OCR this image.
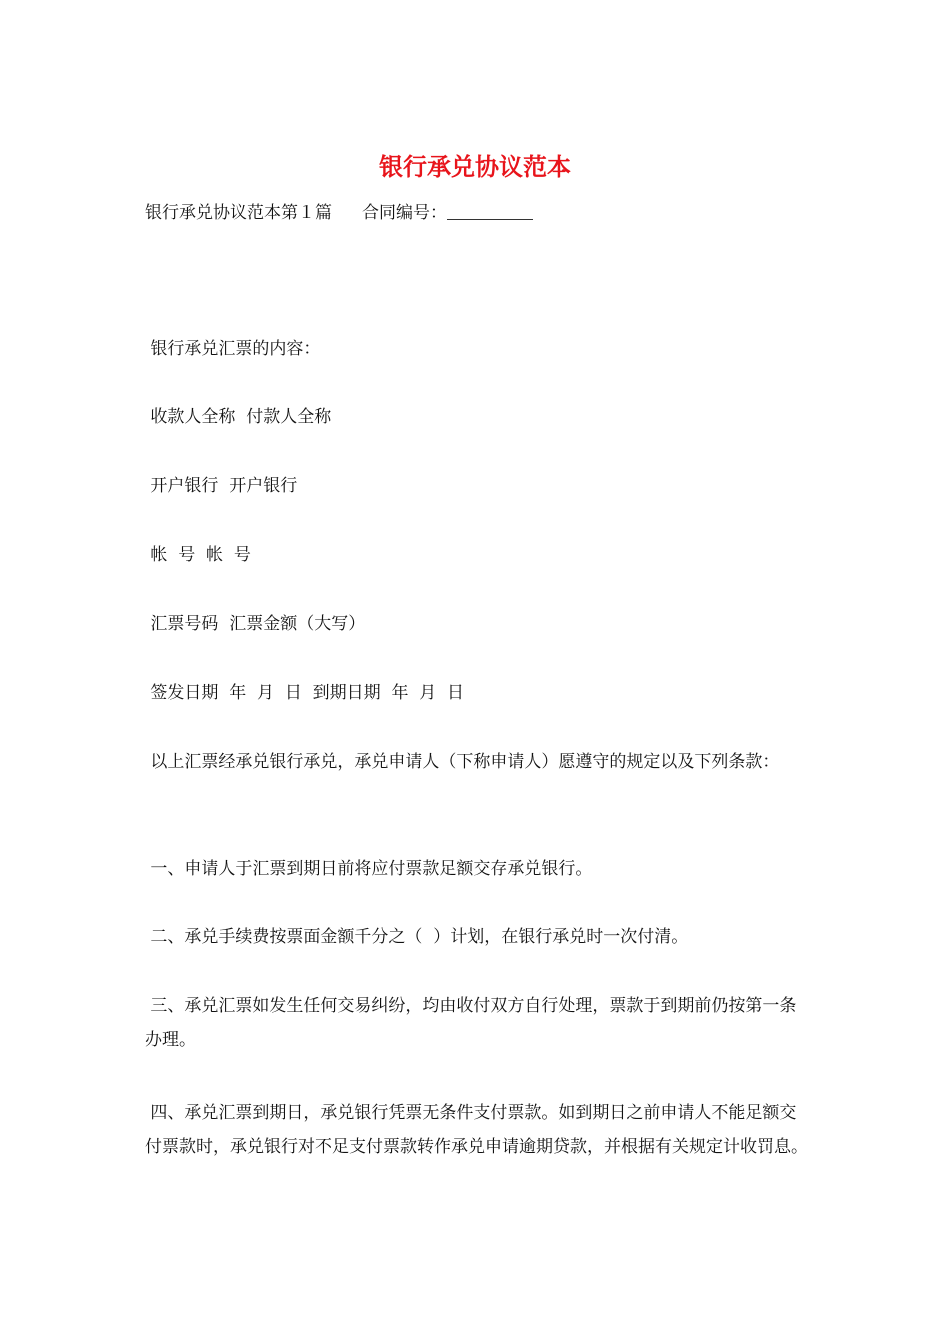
银行承兑协议范本
银行承兑协议范本第１篇 合同编号：

银行承兑汇票的内容：

收款人全称  付款人全称

开户银行  开户银行

帐  号  帐  号

汇票号码  汇票金额（大写）

签发日期  年  月  日  到期日期  年  月  日

以上汇票经承兑银行承兑，承兑申请人（下称申请人）愿遵守的规定以及下列条款：

一、申请人于汇票到期日前将应付票款足额交存承兑银行。

二、承兑手续费按票面金额千分之（  ）计划，在银行承兑时一次付清。

三、承兑汇票如发生任何交易纠纷，均由收付双方自行处理，票款于到期前仍按第一条办理。

四、承兑汇票到期日，承兑银行凭票无条件支付票款。如到期日之前申请人不能足额交付票款时，承兑银行对不足支付票款转作承兑申请逾期贷款，并根据有关规定计收罚息。
